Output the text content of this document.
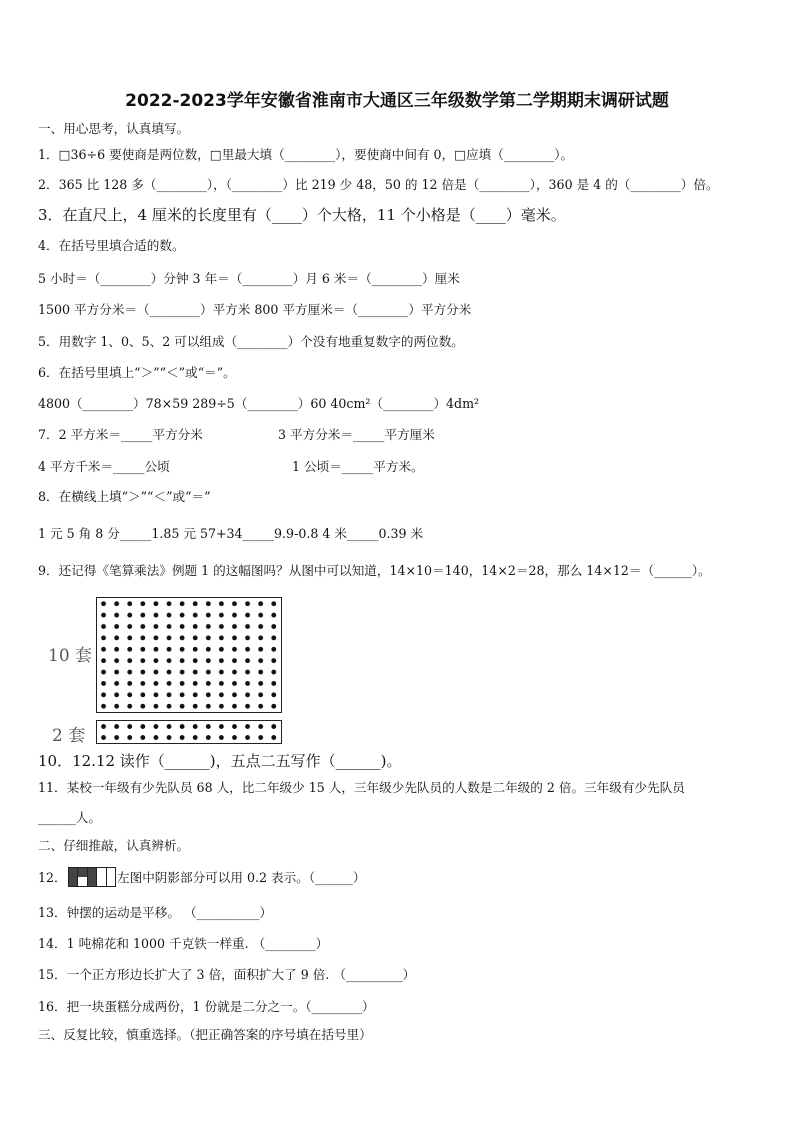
2022-2023学年安徽省淮南市大通区三年级数学第二学期期末调研试题
一、用心思考，认真填写。
1．□36÷6 要使商是两位数，□里最大填（________），要使商中间有 0，□应填（________）。
2．365 比 128 多（________），（________）比 219 少 48，50 的 12 倍是（________），360 是 4 的（________）倍。
3．在直尺上，4 厘米的长度里有（____）个大格，11 个小格是（____）毫米。
4．在括号里填合适的数。
5 小时＝（________）分钟 3 年＝（________）月 6 米＝（________）厘米
1500 平方分米＝（________）平方米 800 平方厘米＝（________）平方分米
5．用数字 1、0、5、2 可以组成（________）个没有地重复数字的两位数。
6．在括号里填上“＞”“＜”或“＝”。
4800（________）78×59 289÷5（________）60 40cm²（________）4dm²
7．2 平方米＝_____平方分米	3 平方分米＝_____平方厘米
4 平方千米＝_____公顷	1 公顷＝_____平方米。
8．在横线上填“＞”“＜”或“＝”
1 元 5 角 8 分_____1.85 元 57+34_____9.9-0.8 4 米_____0.39 米
9．还记得《笔算乘法》例题 1 的这幅图吗？从图中可以知道，14×10＝140，14×2＝28，那么 14×12＝（______）。
10 套
2 套
10．12.12 读作（______)，五点二五写作（______)。
11．某校一年级有少先队员 68 人，比二年级少 15 人，三年级少先队员的人数是二年级的 2 倍。三年级有少先队员
______人。
二、仔细推敲，认真辨析。
12．	左图中阴影部分可以用 0.2 表示。（______）
13．钟摆的运动是平移。 （__________）
14．1 吨棉花和 1000 千克铁一样重. （________）
15．一个正方形边长扩大了 3 倍，面积扩大了 9 倍. （_________）
16．把一块蛋糕分成两份，1 份就是二分之一。（________）
三、反复比较，慎重选择。（把正确答案的序号填在括号里）
